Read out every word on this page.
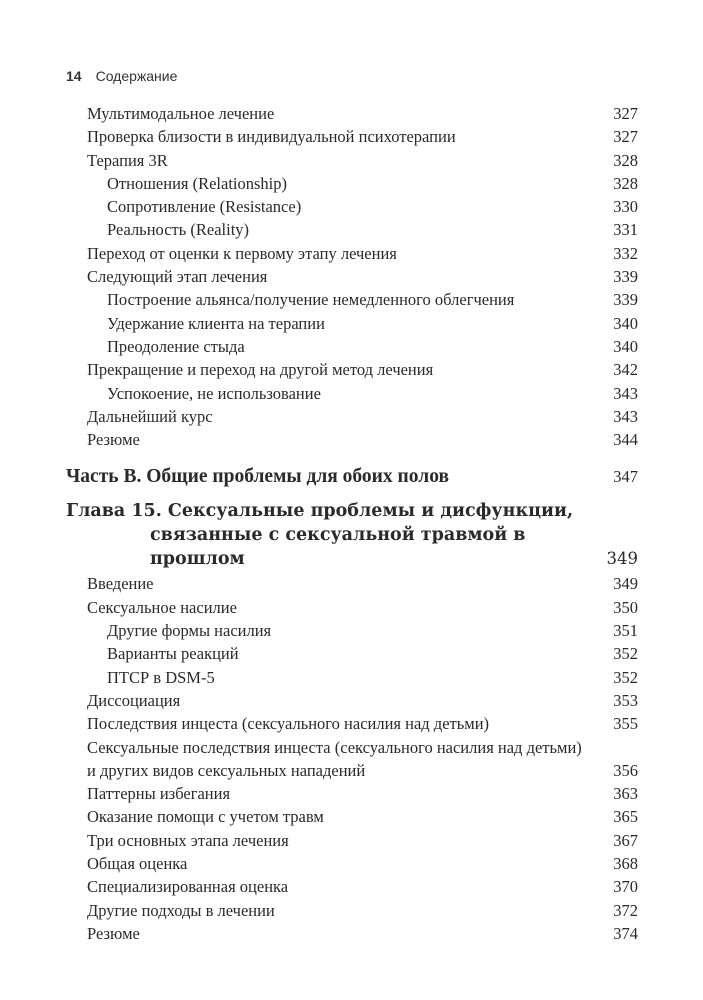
14 Содержание
Мультимодальное лечение	327
Проверка близости в индивидуальной психотерапии	327
Терапия 3R	328
Отношения (Relationship)	328
Сопротивление (Resistance)	330
Реальность (Reality)	331
Переход от оценки к первому этапу лечения	332
Следующий этап лечения	339
Построение альянса/получение немедленного облегчения	339
Удержание клиента на терапии	340
Преодоление стыда	340
Прекращение и переход на другой метод лечения	342
Успокоение, не использование	343
Дальнейший курс	343
Резюме	344
Часть В. Общие проблемы для обоих полов	347
Глава 15. Сексуальные проблемы и дисфункции,
связанные с сексуальной травмой в прошлом	349
Введение	349
Сексуальное насилие	350
Другие формы насилия	351
Варианты реакций	352
ПТСР в DSM-5	352
Диссоциация	353
Последствия инцеста (сексуального насилия над детьми)	355
Сексуальные последствия инцеста (сексуального насилия над детьми) и других видов сексуальных нападений	356
Паттерны избегания	363
Оказание помощи с учетом травм	365
Три основных этапа лечения	367
Общая оценка	368
Специализированная оценка	370
Другие подходы в лечении	372
Резюме	374
